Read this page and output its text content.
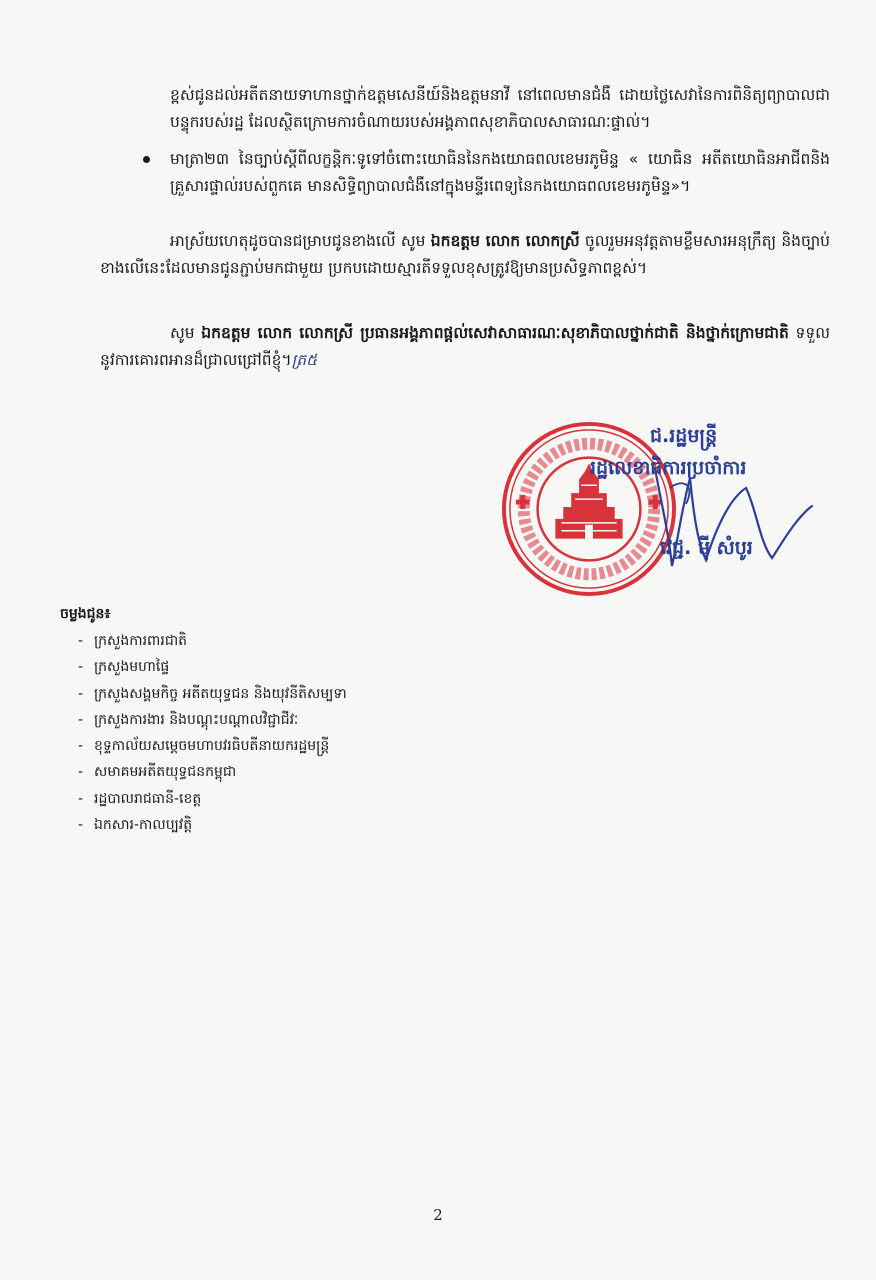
ខ្ពស់ជូនដល់អតីតនាយទាហានថ្នាក់ឧត្តមសេនីយ៍និងឧត្តមនាវី នៅពេលមានជំងឺ ដោយថ្លៃសេវានៃការពិនិត្យព្យាបាលជាបន្ទុករបស់រដ្ឋ ដែលស្ថិតក្រោមការចំណាយរបស់អង្គភាពសុខាភិបាលសាធារណៈផ្ទាល់។

មាត្រា២៣ នៃច្បាប់ស្តីពីលក្ខន្តិកៈទូទៅចំពោះយោធិននៃកងយោធពលខេមរភូមិន្ទ « យោធិន អតីតយោធិនអាជីពនិងគ្រួសារផ្ទាល់របស់ពួកគេ មានសិទ្ធិព្យាបាលជំងឺនៅក្នុងមន្ទីរពេទ្យនៃកងយោធពលខេមរភូមិន្ទ»។

អាស្រ័យហេតុដូចបានជម្រាបជូនខាងលើ សូម ឯកឧត្តម លោក លោកស្រី ចូលរួមអនុវត្តតាមខ្លឹមសារអនុក្រឹត្យ និងច្បាប់ខាងលើនេះដែលមានជូនភ្ជាប់មកជាមួយ ប្រកបដោយស្មារតីទទួលខុសត្រូវឱ្យមានប្រសិទ្ធភាពខ្ពស់។

សូម ឯកឧត្តម លោក លោកស្រី ប្រធានអង្គភាពផ្តល់សេវាសាធារណៈសុខាភិបាលថ្នាក់ជាតិ និងថ្នាក់ក្រោមជាតិ ទទួលនូវការគោរពអានដ៏ជ្រាលជ្រៅពីខ្ញុំ។ត្រ៥

ជ.រដ្ឋមន្ត្រី
រដ្ឋលេខាធិការប្រចាំការ
វេជ្ជ. ម៉ី សំបូរ

ចម្លងជូន៖

- ក្រសួងការពារជាតិ
- ក្រសួងមហាផ្ទៃ
- ក្រសួងសង្គមកិច្ច អតីតយុទ្ធជន និងយុវនីតិសម្បទា
- ក្រសួងការងារ និងបណ្តុះបណ្តាលវិជ្ជាជីវៈ
- ខុទ្ទកាល័យសម្តេចមហាបវរធិបតីនាយករដ្ឋមន្ត្រី
- សមាគមអតីតយុទ្ធជនកម្ពុជា
- រដ្ឋបាលរាជធានី-ខេត្ត
- ឯកសារ-កាលប្បវត្តិ
2
